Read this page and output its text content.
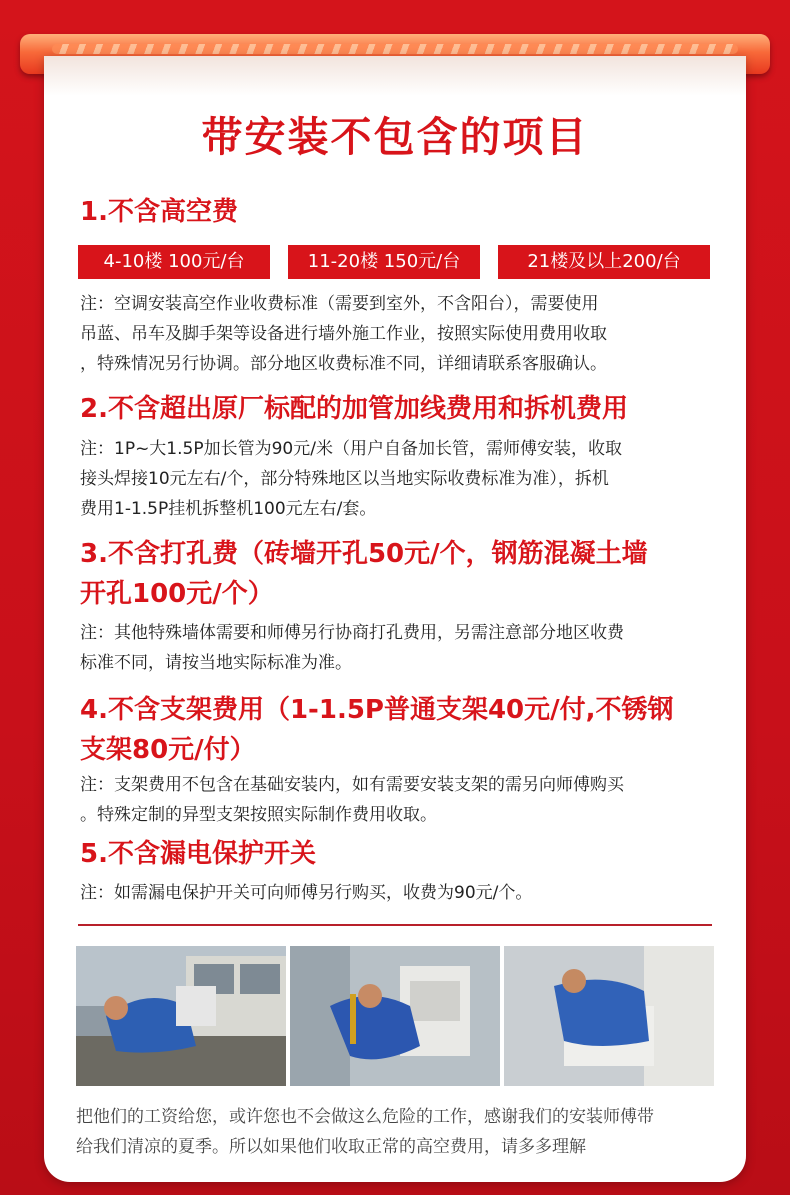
带安装不包含的项目
1.不含高空费
4-10楼 100元/台	11-20楼 150元/台	21楼及以上200/台
注：空调安装高空作业收费标准（需要到室外，不含阳台），需要使用
吊蓝、吊车及脚手架等设备进行墙外施工作业，按照实际使用费用收取
，特殊情况另行协调。部分地区收费标准不同，详细请联系客服确认。
2.不含超出原厂标配的加管加线费用和拆机费用
注：1P~大1.5P加长管为90元/米（用户自备加长管，需师傅安装，收取
接头焊接10元左右/个，部分特殊地区以当地实际收费标准为准），拆机
费用1-1.5P挂机拆整机100元左右/套。
3.不含打孔费（砖墙开孔50元/个，钢筋混凝土墙
开孔100元/个）
注：其他特殊墙体需要和师傅另行协商打孔费用，另需注意部分地区收费
标准不同，请按当地实际标准为准。
4.不含支架费用（1-1.5P普通支架40元/付,不锈钢
支架80元/付）
注：支架费用不包含在基础安装内，如有需要安装支架的需另向师傅购买
。特殊定制的异型支架按照实际制作费用收取。
5.不含漏电保护开关
注：如需漏电保护开关可向师傅另行购买，收费为90元/个。
把他们的工资给您，或许您也不会做这么危险的工作，感谢我们的安装师傅带
给我们清凉的夏季。所以如果他们收取正常的高空费用，请多多理解
